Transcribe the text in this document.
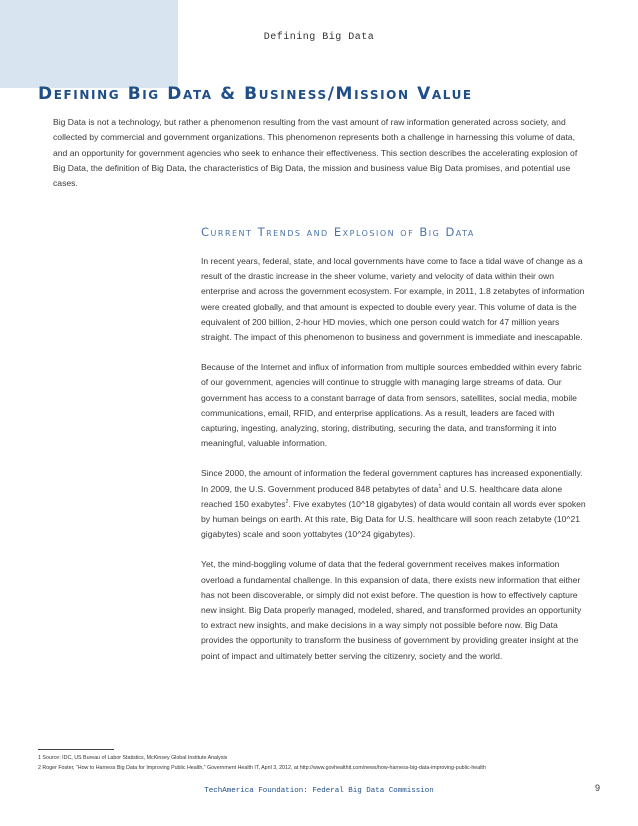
Defining Big Data
Defining Big Data & Business/Mission Value

Big Data is not a technology, but rather a phenomenon resulting from the vast amount of raw information generated across society, and collected by commercial and government organizations. This phenomenon represents both a challenge in harnessing this volume of data, and an opportunity for government agencies who seek to enhance their effectiveness. This section describes the accelerating explosion of Big Data, the definition of Big Data, the characteristics of Big Data, the mission and business value Big Data promises, and potential use cases.

Current Trends and Explosion of Big Data

In recent years, federal, state, and local governments have come to face a tidal wave of change as a result of the drastic increase in the sheer volume, variety and velocity of data within their own enterprise and across the government ecosystem. For example, in 2011, 1.8 zetabytes of information were created globally, and that amount is expected to double every year. This volume of data is the equivalent of 200 billion, 2-hour HD movies, which one person could watch for 47 million years straight. The impact of this phenomenon to business and government is immediate and inescapable.

Because of the Internet and influx of information from multiple sources embedded within every fabric of our government, agencies will continue to struggle with managing large streams of data. Our government has access to a constant barrage of data from sensors, satellites, social media, mobile communications, email, RFID, and enterprise applications. As a result, leaders are faced with capturing, ingesting, analyzing, storing, distributing, securing the data, and transforming it into meaningful, valuable information.

Since 2000, the amount of information the federal government captures has increased exponentially. In 2009, the U.S. Government produced 848 petabytes of data$^1$ and U.S. healthcare data alone reached 150 exabytes$^2$. Five exabytes (10^18 gigabytes) of data would contain all words ever spoken by human beings on earth. At this rate, Big Data for U.S. healthcare will soon reach zetabyte (10^21 gigabytes) scale and soon yottabytes (10^24 gigabytes).

Yet, the mind-boggling volume of data that the federal government receives makes information overload a fundamental challenge. In this expansion of data, there exists new information that either has not been discoverable, or simply did not exist before. The question is how to effectively capture new insight. Big Data properly managed, modeled, shared, and transformed provides an opportunity to extract new insights, and make decisions in a way simply not possible before now. Big Data provides the opportunity to transform the business of government by providing greater insight at the point of impact and ultimately better serving the citizenry, society and the world.

1 Source: IDC, US Bureau of Labor Statistics, McKinsey Global Institute Analysis
2 Roger Foster, “How to Harness Big Data for Improving Public Health,” Government Health IT, April 3, 2012, at http://www.govhealthit.com/news/how-harness-big-data-improving-public-health
TechAmerica Foundation: Federal Big Data Commission	9
